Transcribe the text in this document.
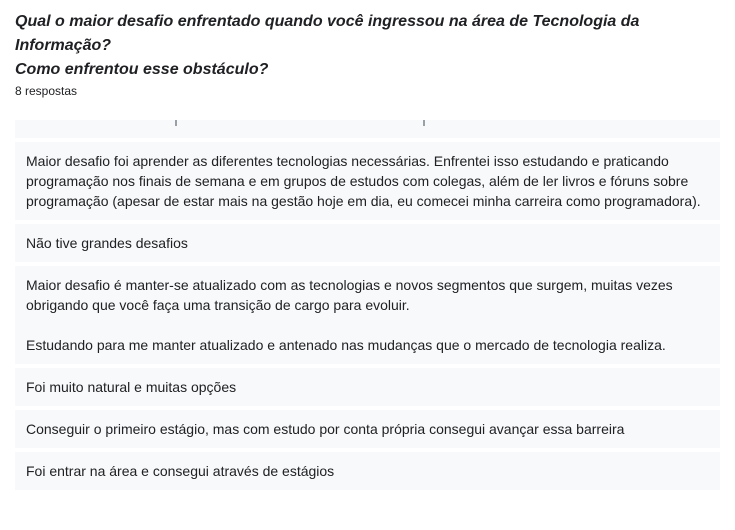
Qual o maior desafio enfrentado quando você ingressou na área de Tecnologia da Informação?
Como enfrentou esse obstáculo?
8 respostas

Maior desafio foi aprender as diferentes tecnologias necessárias. Enfrentei isso estudando e praticando programação nos finais de semana e em grupos de estudos com colegas, além de ler livros e fóruns sobre programação (apesar de estar mais na gestão hoje em dia, eu comecei minha carreira como programadora).

Não tive grandes desafios

Maior desafio é manter-se atualizado com as tecnologias e novos segmentos que surgem, muitas vezes obrigando que você faça uma transição de cargo para evoluir.

Estudando para me manter atualizado e antenado nas mudanças que o mercado de tecnologia realiza.

Foi muito natural e muitas opções

Conseguir o primeiro estágio, mas com estudo por conta própria consegui avançar essa barreira

Foi entrar na área e consegui através de estágios
